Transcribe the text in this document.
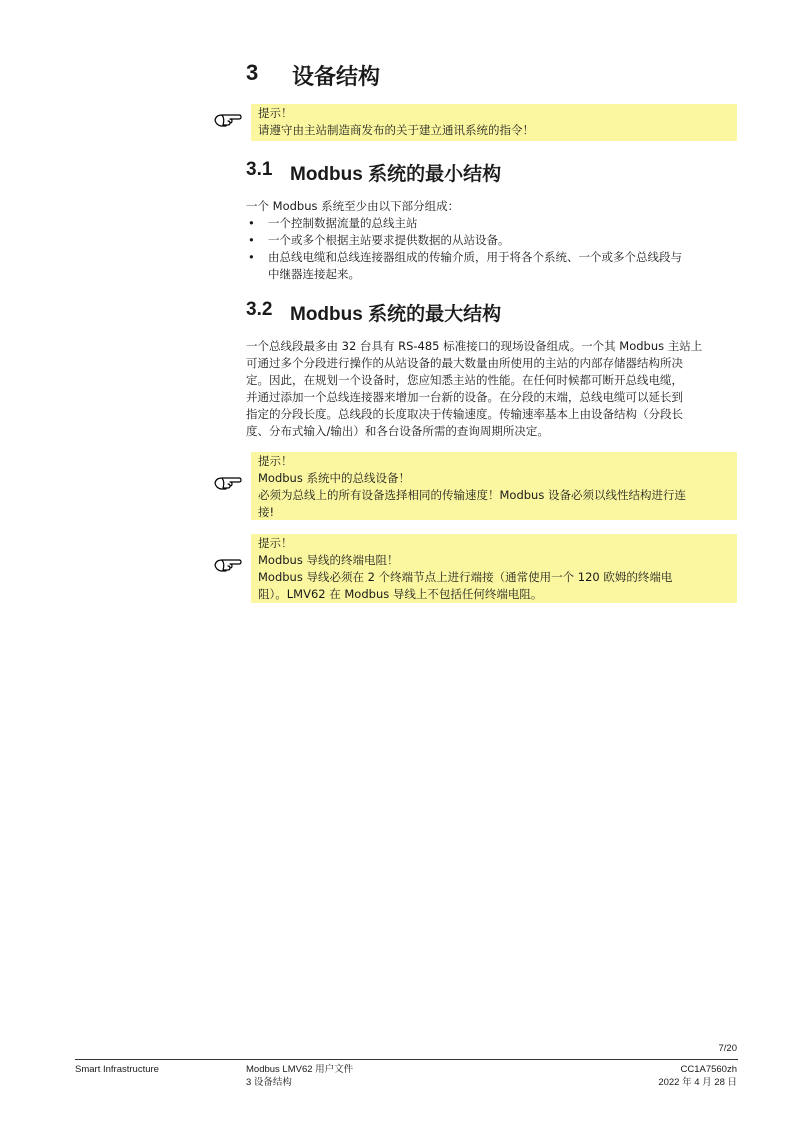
3 设备结构
提示！
请遵守由主站制造商发布的关于建立通讯系统的指令！
3.1 Modbus 系统的最小结构
一个 Modbus 系统至少由以下部分组成：
• 一个控制数据流量的总线主站
• 一个或多个根据主站要求提供数据的从站设备。
• 由总线电缆和总线连接器组成的传输介质，用于将各个系统、一个或多个总线段与
中继器连接起来。
3.2 Modbus 系统的最大结构
一个总线段最多由 32 台具有 RS-485 标准接口的现场设备组成。一个其 Modbus 主站上
可通过多个分段进行操作的从站设备的最大数量由所使用的主站的内部存储器结构所决
定。因此，在规划一个设备时，您应知悉主站的性能。在任何时候都可断开总线电缆，
并通过添加一个总线连接器来增加一台新的设备。在分段的末端，总线电缆可以延长到
指定的分段长度。总线段的长度取决于传输速度。传输速率基本上由设备结构（分段长
度、分布式输入/输出）和各台设备所需的查询周期所决定。
提示！
Modbus 系统中的总线设备！
必须为总线上的所有设备选择相同的传输速度！Modbus 设备必须以线性结构进行连
接!
提示！
Modbus 导线的终端电阻！
Modbus 导线必须在 2 个终端节点上进行端接（通常使用一个 120 欧姆的终端电
阻）。LMV62 在 Modbus 导线上不包括任何终端电阻。
7/20
Smart Infrastructure	Modbus LMV62 用户文件
3 设备结构
CC1A7560zh
2022 年 4 月 28 日
